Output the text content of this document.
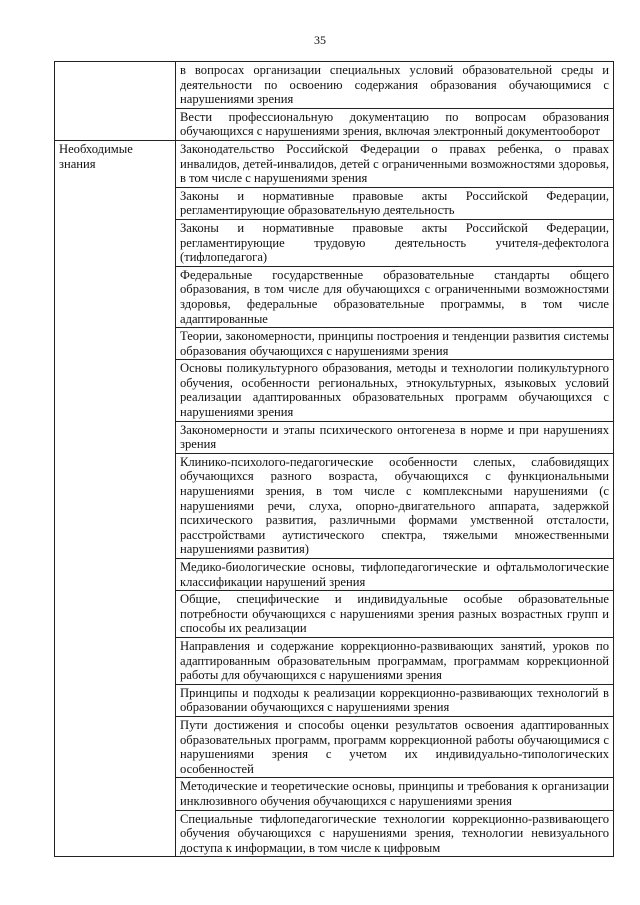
35
	в вопросах организации специальных условий образовательной среды и деятельности по освоению содержания образования обучающимися с нарушениями зрения
	Вести профессиональную документацию по вопросам образования обучающихся с нарушениями зрения, включая электронный документооборот
Необходимые знания	Законодательство Российской Федерации о правах ребенка, о правах инвалидов, детей-инвалидов, детей с ограниченными возможностями здоровья, в том числе с нарушениями зрения
	Законы и нормативные правовые акты Российской Федерации, регламентирующие образовательную деятельность
	Законы и нормативные правовые акты Российской Федерации, регламентирующие трудовую деятельность учителя-дефектолога (тифлопедагога)
	Федеральные государственные образовательные стандарты общего образования, в том числе для обучающихся с ограниченными возможностями здоровья, федеральные образовательные программы, в том числе адаптированные
	Теории, закономерности, принципы построения и тенденции развития системы образования обучающихся с нарушениями зрения
	Основы поликультурного образования, методы и технологии поликультурного обучения, особенности региональных, этнокультурных, языковых условий реализации адаптированных образовательных программ обучающихся с нарушениями зрения
	Закономерности и этапы психического онтогенеза в норме и при нарушениях зрения
	Клинико-психолого-педагогические особенности слепых, слабовидящих обучающихся разного возраста, обучающихся с функциональными нарушениями зрения, в том числе с комплексными нарушениями (с нарушениями речи, слуха, опорно-двигательного аппарата, задержкой психического развития, различными формами умственной отсталости, расстройствами аутистического спектра, тяжелыми множественными нарушениями развития)
	Медико-биологические основы, тифлопедагогические и офтальмологические классификации нарушений зрения
	Общие, специфические и индивидуальные особые образовательные потребности обучающихся с нарушениями зрения разных возрастных групп и способы их реализации
	Направления и содержание коррекционно-развивающих занятий, уроков по адаптированным образовательным программам, программам коррекционной работы для обучающихся с нарушениями зрения
	Принципы и подходы к реализации коррекционно-развивающих технологий в образовании обучающихся с нарушениями зрения
	Пути достижения и способы оценки результатов освоения адаптированных образовательных программ, программ коррекционной работы обучающимися с нарушениями зрения с учетом их индивидуально-типологических особенностей
	Методические и теоретические основы, принципы и требования к организации инклюзивного обучения обучающихся с нарушениями зрения
	Специальные тифлопедагогические технологии коррекционно-развивающего обучения обучающихся с нарушениями зрения, технологии невизуального доступа к информации, в том числе к цифровым
